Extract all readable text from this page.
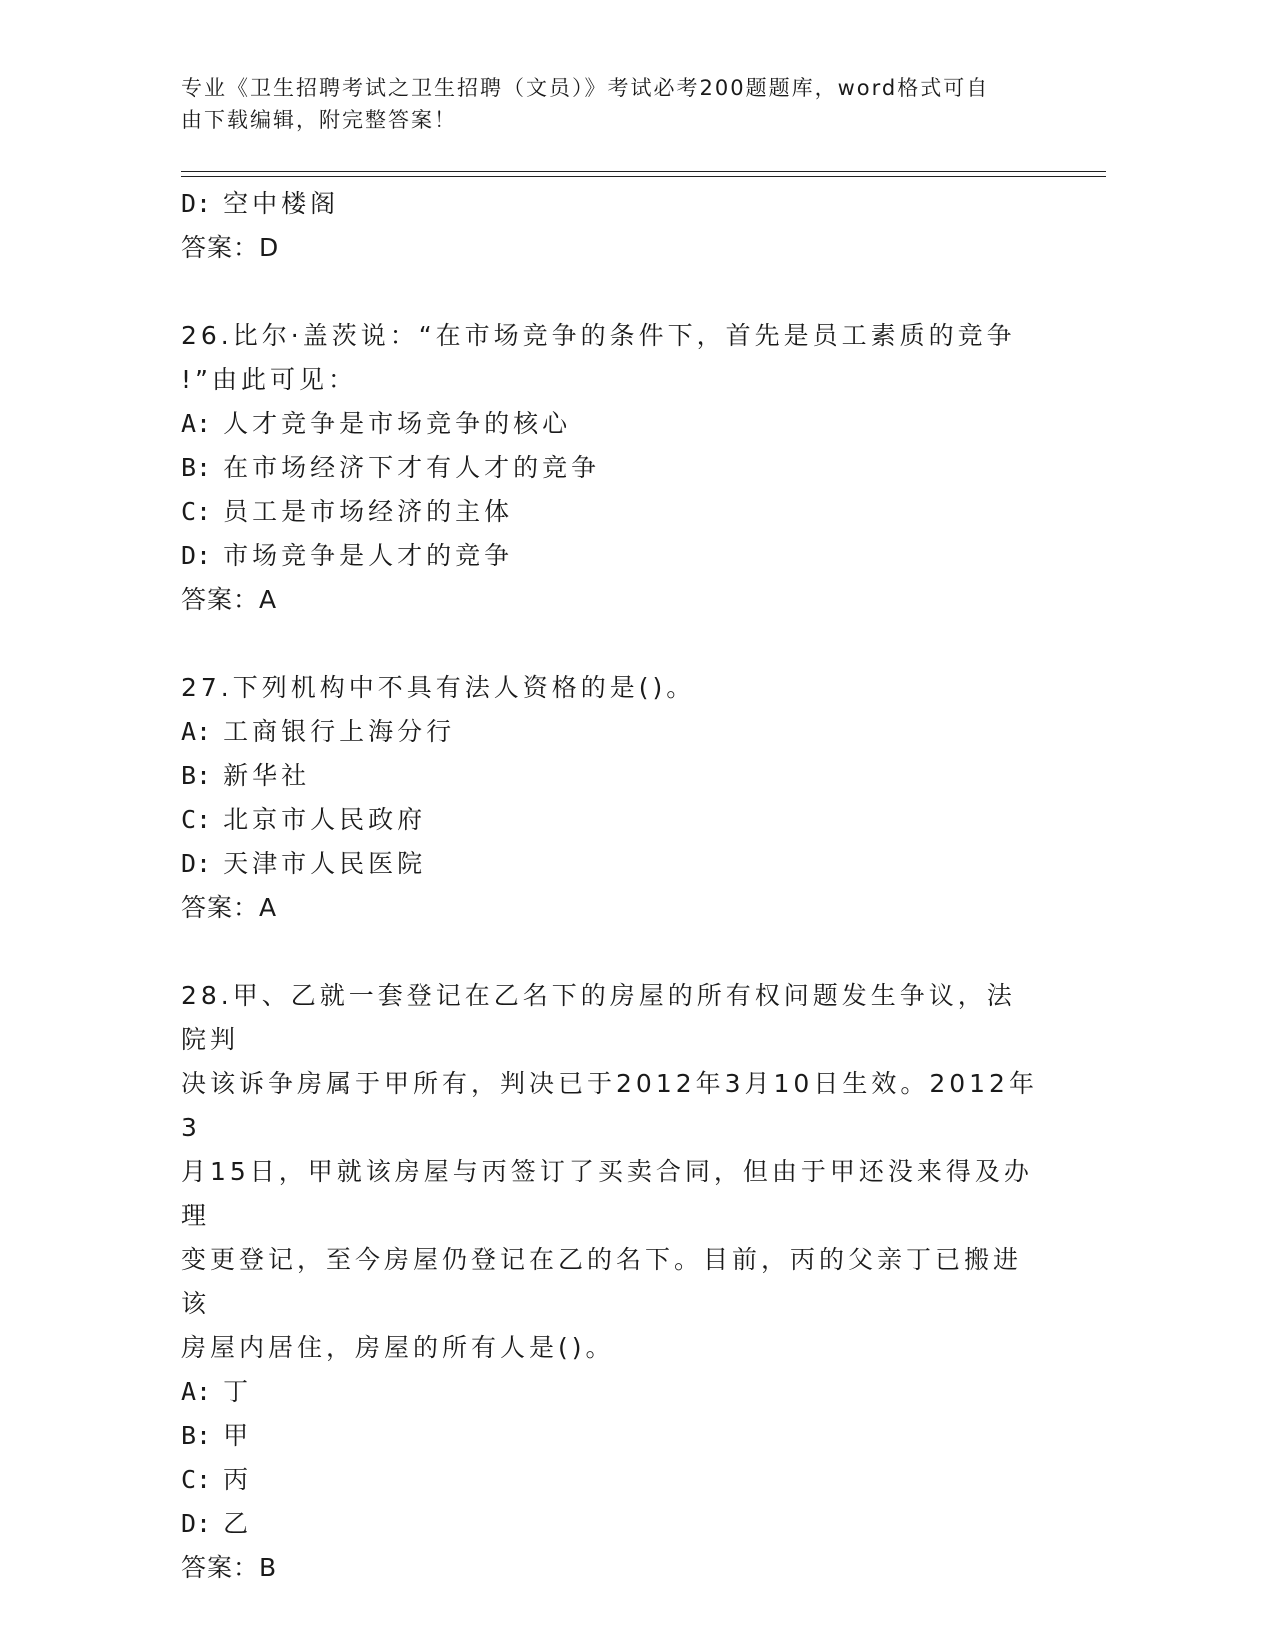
专业《卫生招聘考试之卫生招聘（文员）》考试必考200题题库，word格式可自
由下载编辑，附完整答案！

D: 空中楼阁

答案：D

26.比尔·盖茨说：“在市场竞争的条件下，首先是员工素质的竞争

!”由此可见：

A: 人才竞争是市场竞争的核心

B: 在市场经济下才有人才的竞争

C: 员工是市场经济的主体

D: 市场竞争是人才的竞争

答案：A

27.下列机构中不具有法人资格的是()。

A: 工商银行上海分行

B: 新华社

C: 北京市人民政府

D: 天津市人民医院

答案：A

28.甲、乙就一套登记在乙名下的房屋的所有权问题发生争议，法院判

决该诉争房属于甲所有，判决已于2012年3月10日生效。2012年3

月15日，甲就该房屋与丙签订了买卖合同，但由于甲还没来得及办理

变更登记，至今房屋仍登记在乙的名下。目前，丙的父亲丁已搬进该

房屋内居住，房屋的所有人是()。

A: 丁

B: 甲

C: 丙

D: 乙

答案：B
